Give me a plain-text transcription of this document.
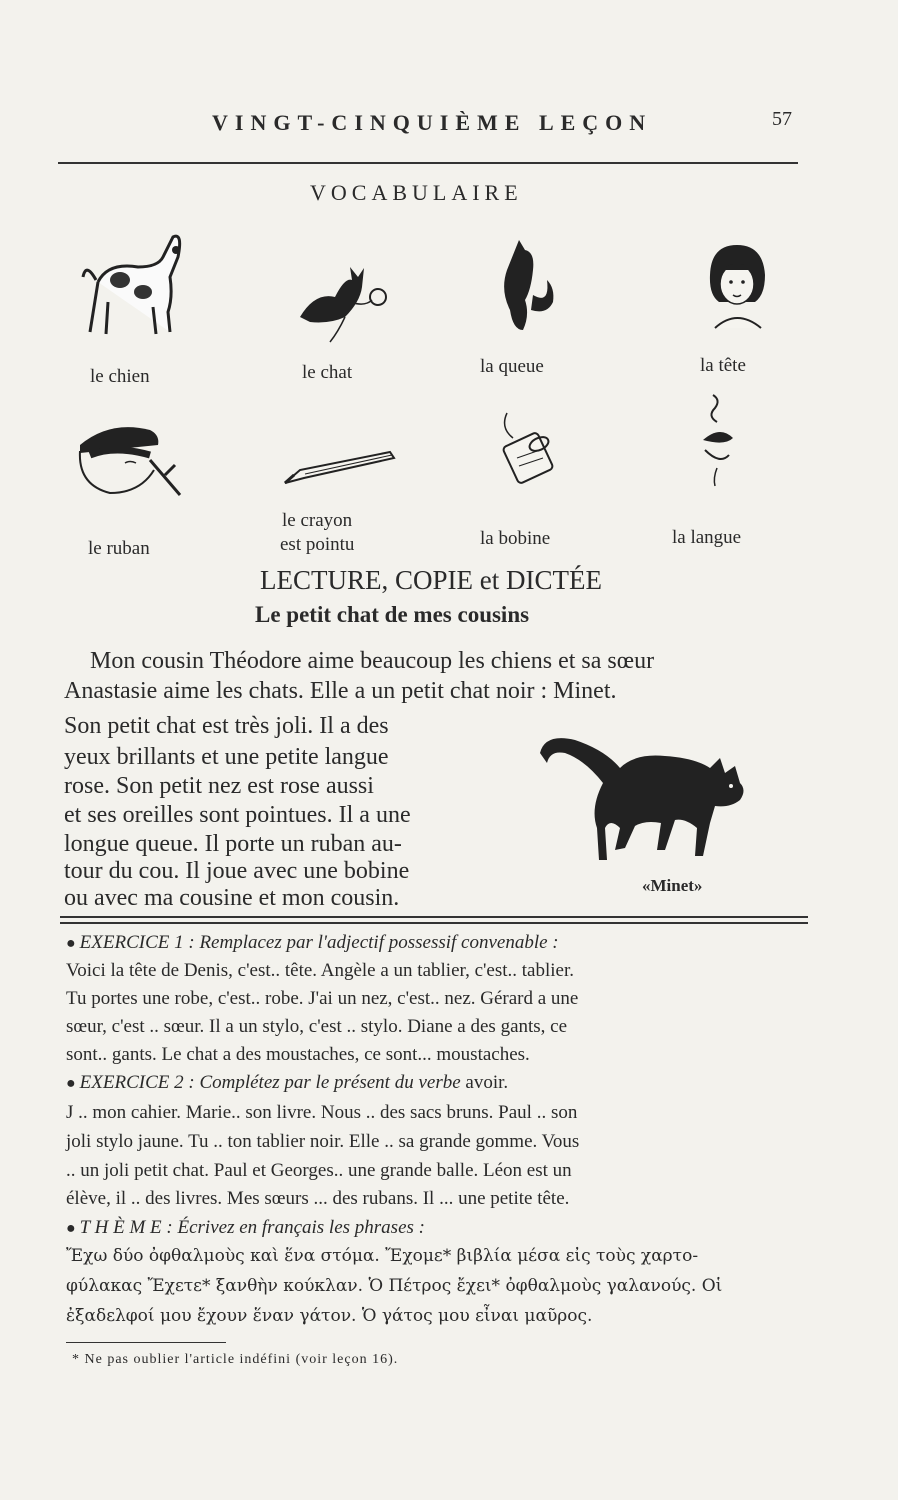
VINGT-CINQUIÈME LEÇON	57
VOCABULAIRE
le chien	le chat	la queue	la tête
le ruban
le crayon
est pointu	la bobine	la langue
LECTURE, COPIE et DICTÉE
Le petit chat de mes cousins
Mon cousin Théodore aime beaucoup les chiens et sa sœur
Anastasie aime les chats. Elle a un petit chat noir : Minet.
Son petit chat est très joli. Il a des
yeux brillants et une petite langue
rose. Son petit nez est rose aussi
et ses oreilles sont pointues. Il a une
longue queue. Il porte un ruban au-
tour du cou. Il joue avec une bobine
ou avec ma cousine et mon cousin.	«Minet»
● EXERCICE 1 : Remplacez par l'adjectif possessif convenable :
Voici la tête de Denis, c'est.. tête. Angèle a un tablier, c'est.. tablier.
Tu portes une robe, c'est.. robe. J'ai un nez, c'est.. nez. Gérard a une
sœur, c'est .. sœur. Il a un stylo, c'est .. stylo. Diane a des gants, ce
sont.. gants. Le chat a des moustaches, ce sont... moustaches.
● EXERCICE 2 : Complétez par le présent du verbe avoir.
J .. mon cahier. Marie.. son livre. Nous .. des sacs bruns. Paul .. son
joli stylo jaune. Tu .. ton tablier noir. Elle .. sa grande gomme. Vous
.. un joli petit chat. Paul et Georges.. une grande balle. Léon est un
élève, il .. des livres. Mes sœurs ... des rubans. Il ... une petite tête.
● T H È M E : Écrivez en français les phrases :
Ἔχω δύο ὀφθαλμοὺς καὶ ἕνα στόμα. Ἔχομε* βιβλία μέσα εἰς τοὺς χαρτο-
φύλακας Ἔχετε* ξανθὴν κούκλαν. Ὁ Πέτρος ἔχει* ὀφθαλμοὺς γαλανούς. Οἱ
ἐξαδελφοί μου ἔχουν ἕναν γάτον. Ὁ γάτος μου εἶναι μαῦρος.
* Ne pas oublier l'article indéfini (voir leçon 16).
